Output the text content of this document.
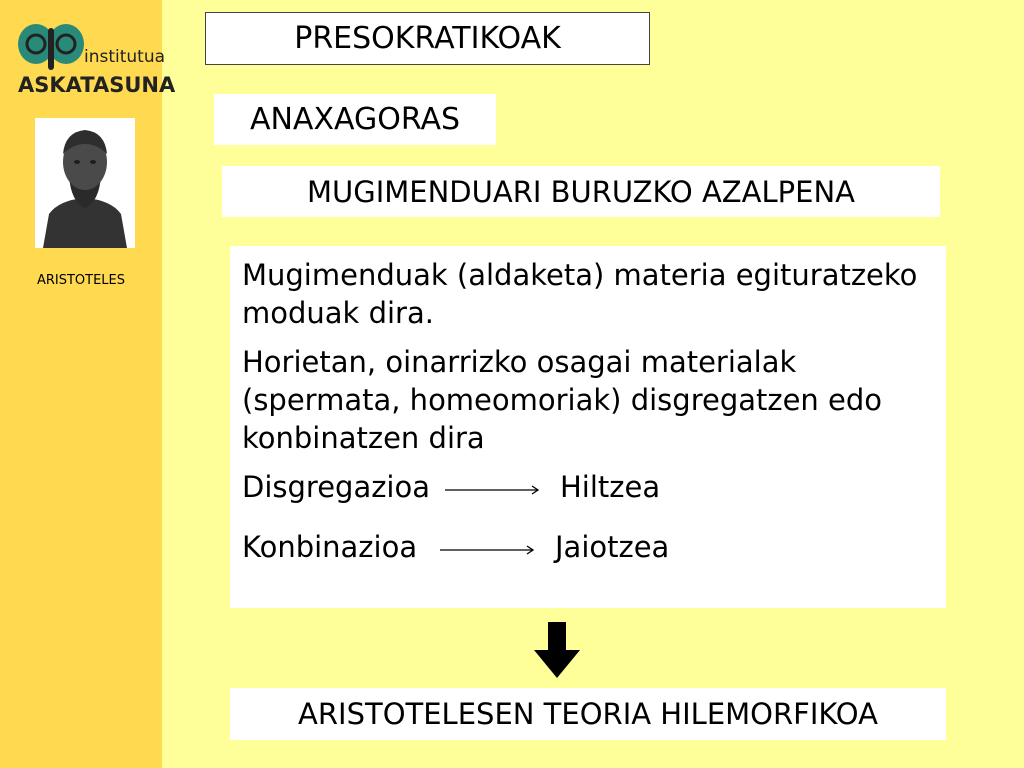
institutua
ASKATASUNA
ARISTOTELES
PRESOKRATIKOAK
ANAXAGORAS
MUGIMENDUARI BURUZKO AZALPENA

Mugimenduak (aldaketa) materia egituratzeko moduak dira.

Horietan, oinarrizko osagai materialak (spermata, homeomoriak) disgregatzen edo konbinatzen dira

Disgregazioa	Hiltzea
Konbinazioa	Jaiotzea
ARISTOTELESEN TEORIA HILEMORFIKOA
